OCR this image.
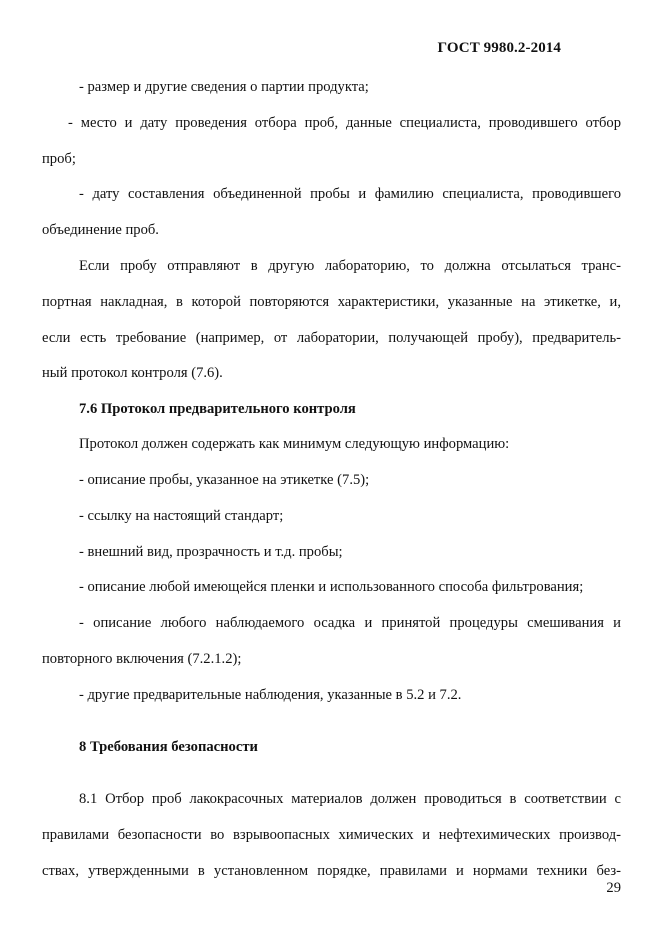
ГОСТ 9980.2-2014
- размер и другие сведения о партии продукта;
- место и дату проведения отбора проб, данные специалиста, проводившего отбор
проб;
- дату составления объединенной пробы и фамилию специалиста, проводившего
объединение проб.
Если пробу отправляют в другую лабораторию, то должна отсылаться транс-
портная накладная, в которой повторяются характеристики, указанные на этикетке, и,
если есть требование (например, от лаборатории, получающей пробу), предваритель-
ный протокол контроля (7.6).
7.6 Протокол предварительного контроля
Протокол должен содержать как минимум следующую информацию:
- описание пробы, указанное на этикетке (7.5);
- ссылку на настоящий стандарт;
- внешний вид, прозрачность и т.д. пробы;
- описание любой имеющейся пленки и использованного способа фильтрования;
- описание любого наблюдаемого осадка и принятой процедуры смешивания и
повторного включения (7.2.1.2);
- другие предварительные наблюдения, указанные в 5.2 и 7.2.
8 Требования безопасности
8.1 Отбор проб лакокрасочных материалов должен проводиться в соответствии с
правилами безопасности во взрывоопасных химических и нефтехимических производ-
ствах, утвержденными в установленном порядке, правилами и нормами техники без-
29
